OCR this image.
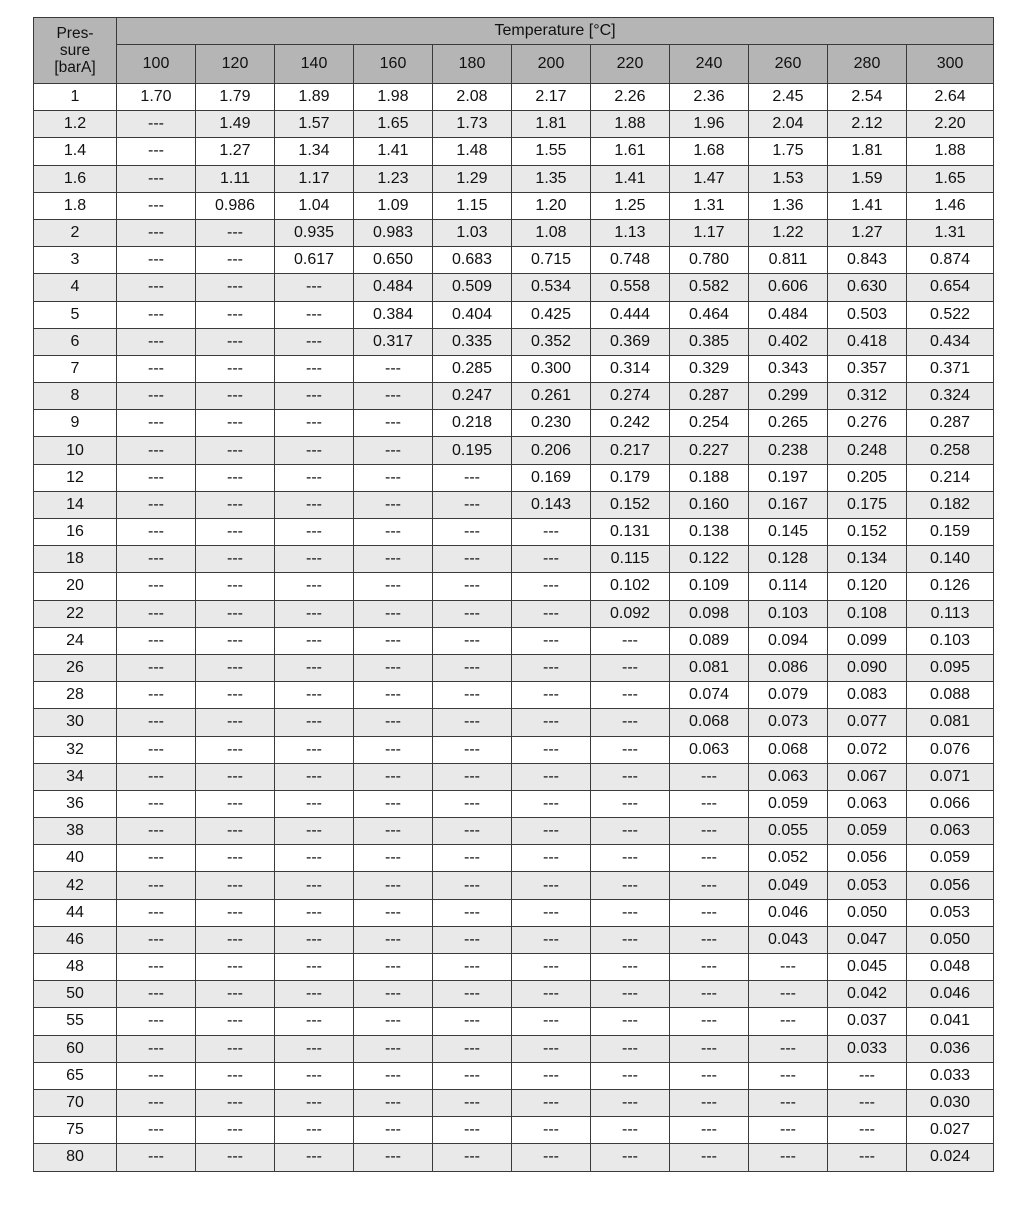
Pres-
sure
[barA]	Temperature [°C]										
	100	120	140	160	180	200	220	240	260	280	300
1	1.70	1.79	1.89	1.98	2.08	2.17	2.26	2.36	2.45	2.54	2.64
1.2	---	1.49	1.57	1.65	1.73	1.81	1.88	1.96	2.04	2.12	2.20
1.4	---	1.27	1.34	1.41	1.48	1.55	1.61	1.68	1.75	1.81	1.88
1.6	---	1.11	1.17	1.23	1.29	1.35	1.41	1.47	1.53	1.59	1.65
1.8	---	0.986	1.04	1.09	1.15	1.20	1.25	1.31	1.36	1.41	1.46
2	---	---	0.935	0.983	1.03	1.08	1.13	1.17	1.22	1.27	1.31
3	---	---	0.617	0.650	0.683	0.715	0.748	0.780	0.811	0.843	0.874
4	---	---	---	0.484	0.509	0.534	0.558	0.582	0.606	0.630	0.654
5	---	---	---	0.384	0.404	0.425	0.444	0.464	0.484	0.503	0.522
6	---	---	---	0.317	0.335	0.352	0.369	0.385	0.402	0.418	0.434
7	---	---	---	---	0.285	0.300	0.314	0.329	0.343	0.357	0.371
8	---	---	---	---	0.247	0.261	0.274	0.287	0.299	0.312	0.324
9	---	---	---	---	0.218	0.230	0.242	0.254	0.265	0.276	0.287
10	---	---	---	---	0.195	0.206	0.217	0.227	0.238	0.248	0.258
12	---	---	---	---	---	0.169	0.179	0.188	0.197	0.205	0.214
14	---	---	---	---	---	0.143	0.152	0.160	0.167	0.175	0.182
16	---	---	---	---	---	---	0.131	0.138	0.145	0.152	0.159
18	---	---	---	---	---	---	0.115	0.122	0.128	0.134	0.140
20	---	---	---	---	---	---	0.102	0.109	0.114	0.120	0.126
22	---	---	---	---	---	---	0.092	0.098	0.103	0.108	0.113
24	---	---	---	---	---	---	---	0.089	0.094	0.099	0.103
26	---	---	---	---	---	---	---	0.081	0.086	0.090	0.095
28	---	---	---	---	---	---	---	0.074	0.079	0.083	0.088
30	---	---	---	---	---	---	---	0.068	0.073	0.077	0.081
32	---	---	---	---	---	---	---	0.063	0.068	0.072	0.076
34	---	---	---	---	---	---	---	---	0.063	0.067	0.071
36	---	---	---	---	---	---	---	---	0.059	0.063	0.066
38	---	---	---	---	---	---	---	---	0.055	0.059	0.063
40	---	---	---	---	---	---	---	---	0.052	0.056	0.059
42	---	---	---	---	---	---	---	---	0.049	0.053	0.056
44	---	---	---	---	---	---	---	---	0.046	0.050	0.053
46	---	---	---	---	---	---	---	---	0.043	0.047	0.050
48	---	---	---	---	---	---	---	---	---	0.045	0.048
50	---	---	---	---	---	---	---	---	---	0.042	0.046
55	---	---	---	---	---	---	---	---	---	0.037	0.041
60	---	---	---	---	---	---	---	---	---	0.033	0.036
65	---	---	---	---	---	---	---	---	---	---	0.033
70	---	---	---	---	---	---	---	---	---	---	0.030
75	---	---	---	---	---	---	---	---	---	---	0.027
80	---	---	---	---	---	---	---	---	---	---	0.024
